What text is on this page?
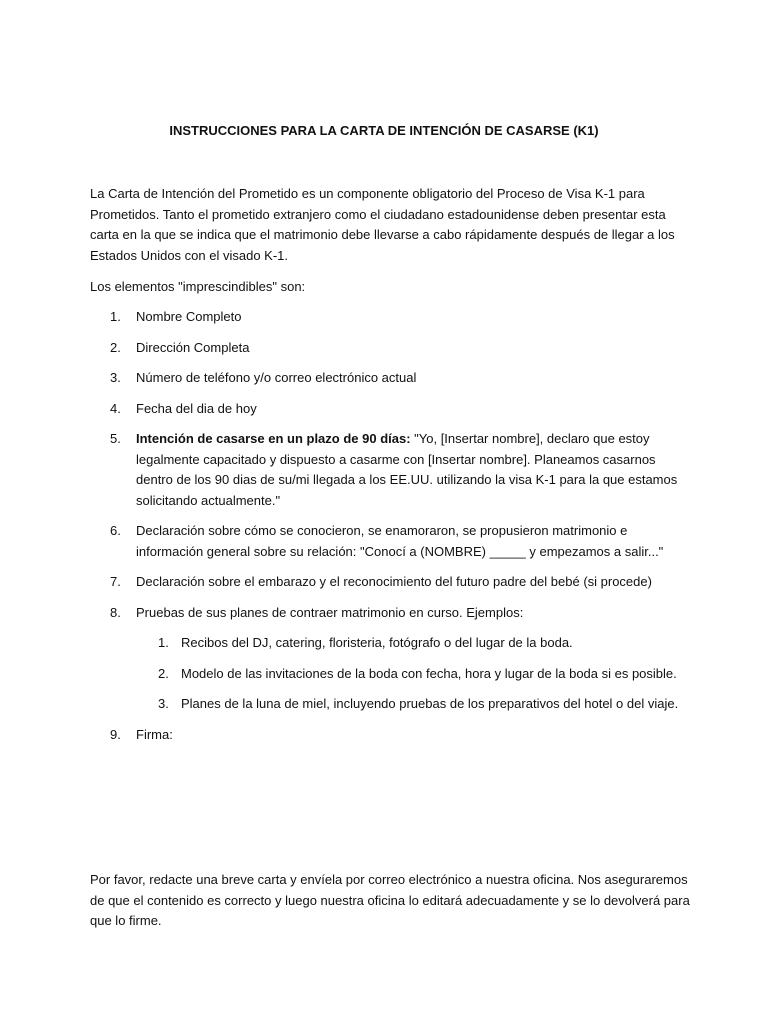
INSTRUCCIONES PARA LA CARTA DE INTENCIÓN DE CASARSE (K1)

La Carta de Intención del Prometido es un componente obligatorio del Proceso de Visa K-1 para Prometidos. Tanto el prometido extranjero como el ciudadano estadounidense deben presentar esta carta en la que se indica que el matrimonio debe llevarse a cabo rápidamente después de llegar a los Estados Unidos con el visado K-1.

Los elementos "imprescindibles" son:

1. Nombre Completo
2. Dirección Completa
3. Número de teléfono y/o correo electrónico actual
4. Fecha del dia de hoy
5. Intención de casarse en un plazo de 90 días: "Yo, [Insertar nombre], declaro que estoy legalmente capacitado y dispuesto a casarme con [Insertar nombre]. Planeamos casarnos dentro de los 90 dias de su/mi llegada a los EE.UU. utilizando la visa K-1 para la que estamos solicitando actualmente."
6. Declaración sobre cómo se conocieron, se enamoraron, se propusieron matrimonio e información general sobre su relación: "Conocí a (NOMBRE) _____ y empezamos a salir..."
7. Declaración sobre el embarazo y el reconocimiento del futuro padre del bebé (si procede)
8. Pruebas de sus planes de contraer matrimonio en curso. Ejemplos:
1. Recibos del DJ, catering, floristeria, fotógrafo o del lugar de la boda.
2. Modelo de las invitaciones de la boda con fecha, hora y lugar de la boda si es posible.
3. Planes de la luna de miel, incluyendo pruebas de los preparativos del hotel o del viaje.
9. Firma:

Por favor, redacte una breve carta y envíela por correo electrónico a nuestra oficina. Nos aseguraremos de que el contenido es correcto y luego nuestra oficina lo editará adecuadamente y se lo devolverá para que lo firme.
